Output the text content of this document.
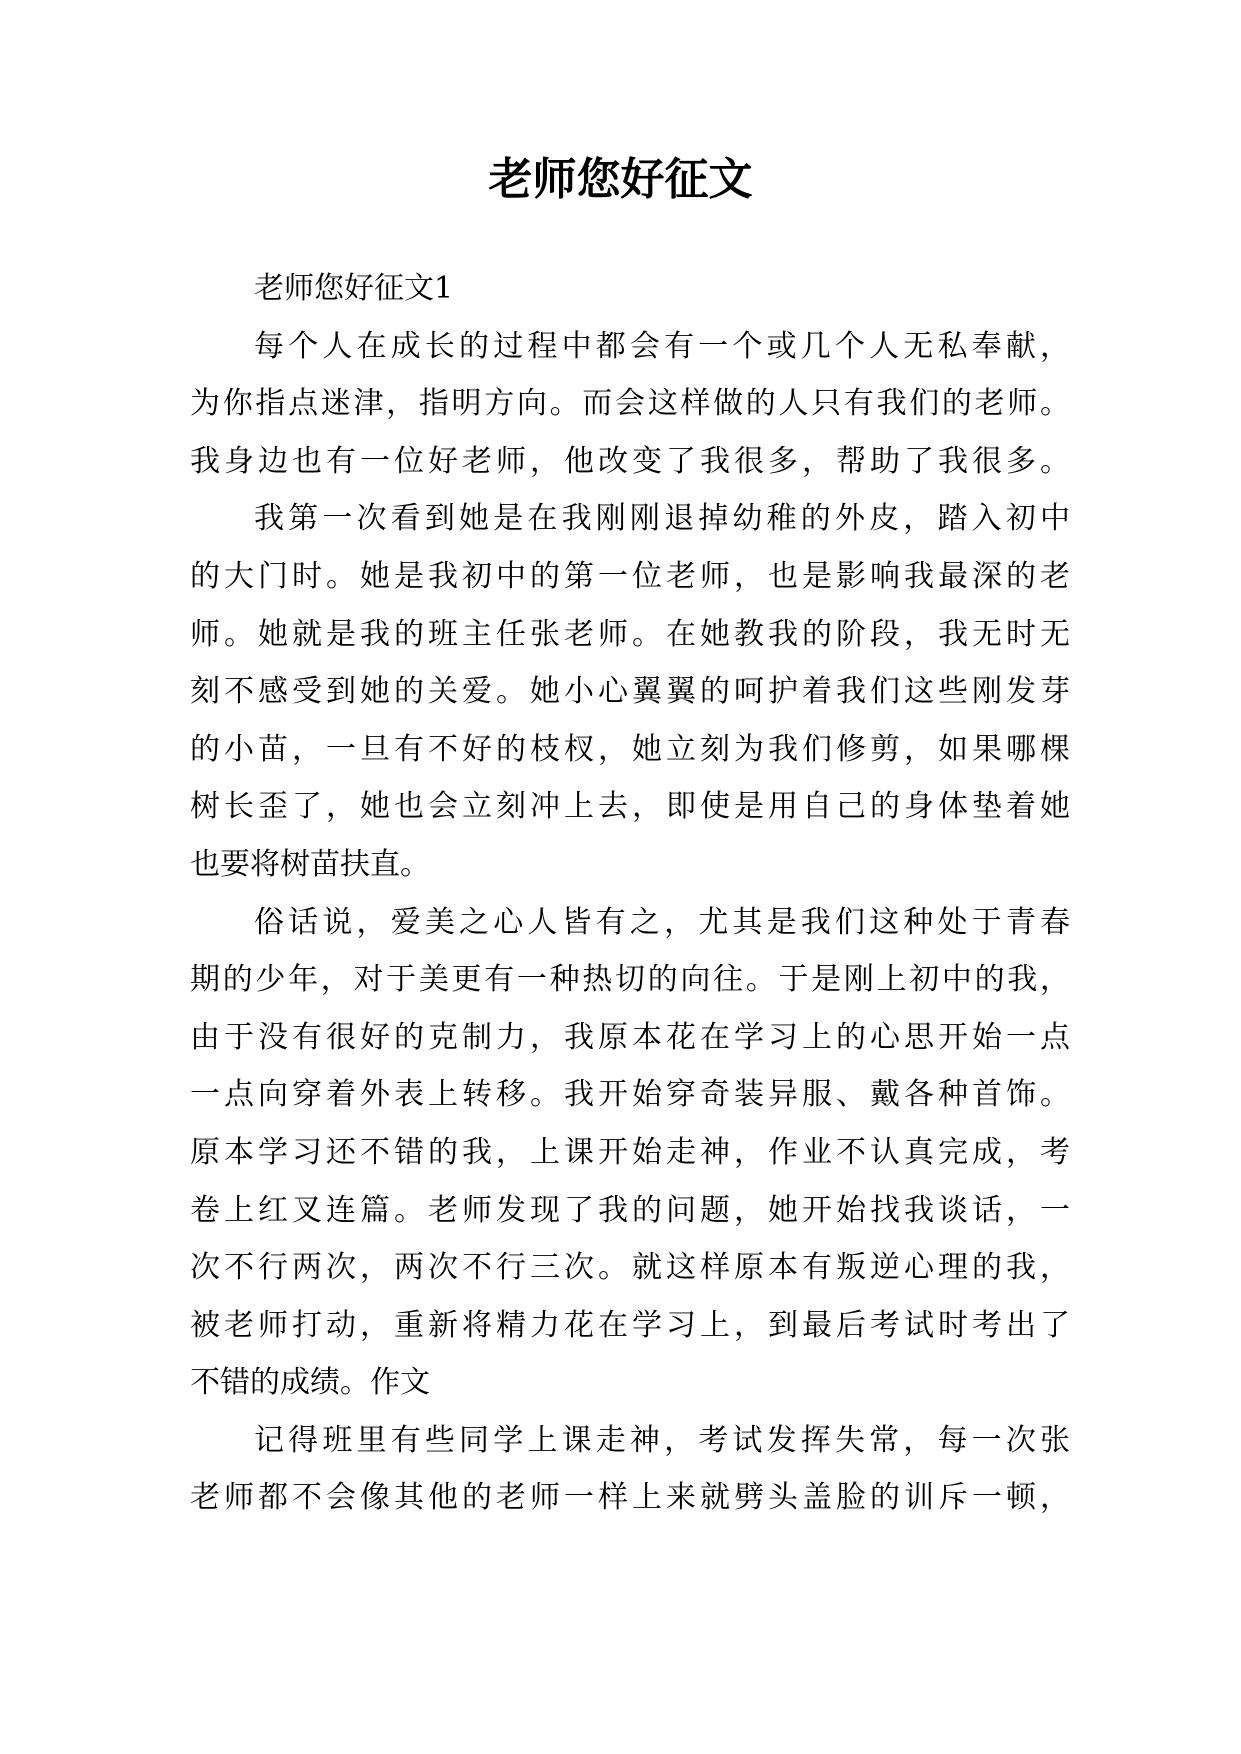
老师您好征文
老师您好征文1
每个人在成长的过程中都会有一个或几个人无私奉献，
为你指点迷津，指明方向。而会这样做的人只有我们的老师。
我身边也有一位好老师，他改变了我很多，帮助了我很多。
我第一次看到她是在我刚刚退掉幼稚的外皮，踏入初中
的大门时。她是我初中的第一位老师，也是影响我最深的老
师。她就是我的班主任张老师。在她教我的阶段，我无时无
刻不感受到她的关爱。她小心翼翼的呵护着我们这些刚发芽
的小苗，一旦有不好的枝杈，她立刻为我们修剪，如果哪棵
树长歪了，她也会立刻冲上去，即使是用自己的身体垫着她
也要将树苗扶直。
俗话说，爱美之心人皆有之，尤其是我们这种处于青春
期的少年，对于美更有一种热切的向往。于是刚上初中的我，
由于没有很好的克制力，我原本花在学习上的心思开始一点
一点向穿着外表上转移。我开始穿奇装异服、戴各种首饰。
原本学习还不错的我，上课开始走神，作业不认真完成，考
卷上红叉连篇。老师发现了我的问题，她开始找我谈话，一
次不行两次，两次不行三次。就这样原本有叛逆心理的我，
被老师打动，重新将精力花在学习上，到最后考试时考出了
不错的成绩。作文
记得班里有些同学上课走神，考试发挥失常，每一次张
老师都不会像其他的老师一样上来就劈头盖脸的训斥一顿，
